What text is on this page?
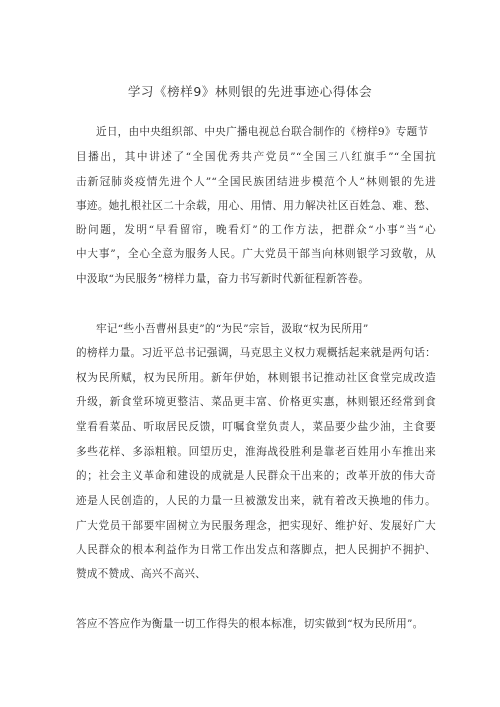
学习《榜样9》林则银的先进事迹心得体会
近日，由中央组织部、中央广播电视总台联合制作的《榜样9》专题节
目播出，其中讲述了“全国优秀共产党员”“全国三八红旗手”“全国抗
击新冠肺炎疫情先进个人”“全国民族团结进步模范个人”林则银的先进
事迹。她扎根社区二十余载，用心、用情、用力解决社区百姓急、难、愁、
盼问题，发明“早看留帘，晚看灯”的工作方法，把群众“小事”当“心
中大事”，全心全意为服务人民。广大党员干部当向林则银学习致敬，从
中汲取“为民服务”榜样力量，奋力书写新时代新征程新答卷。
牢记“些小吾曹州县吏”的“为民”宗旨，汲取“权为民所用”
的榜样力量。习近平总书记强调，马克思主义权力观概括起来就是两句话：
权为民所赋，权为民所用。新年伊始，林则银书记推动社区食堂完成改造
升级，新食堂环境更整洁、菜品更丰富、价格更实惠，林则银还经常到食
堂看看菜品、听取居民反馈，叮嘱食堂负责人，菜品要少盐少油，主食要
多些花样、多添粗粮。回望历史，淮海战役胜利是靠老百姓用小车推出来
的；社会主义革命和建设的成就是人民群众干出来的；改革开放的伟大奇
迹是人民创造的，人民的力量一旦被激发出来，就有着改天换地的伟力。
广大党员干部要牢固树立为民服务理念，把实现好、维护好、发展好广大
人民群众的根本利益作为日常工作出发点和落脚点，把人民拥护不拥护、
赞成不赞成、高兴不高兴、
答应不答应作为衡量一切工作得失的根本标准，切实做到“权为民所用”。
